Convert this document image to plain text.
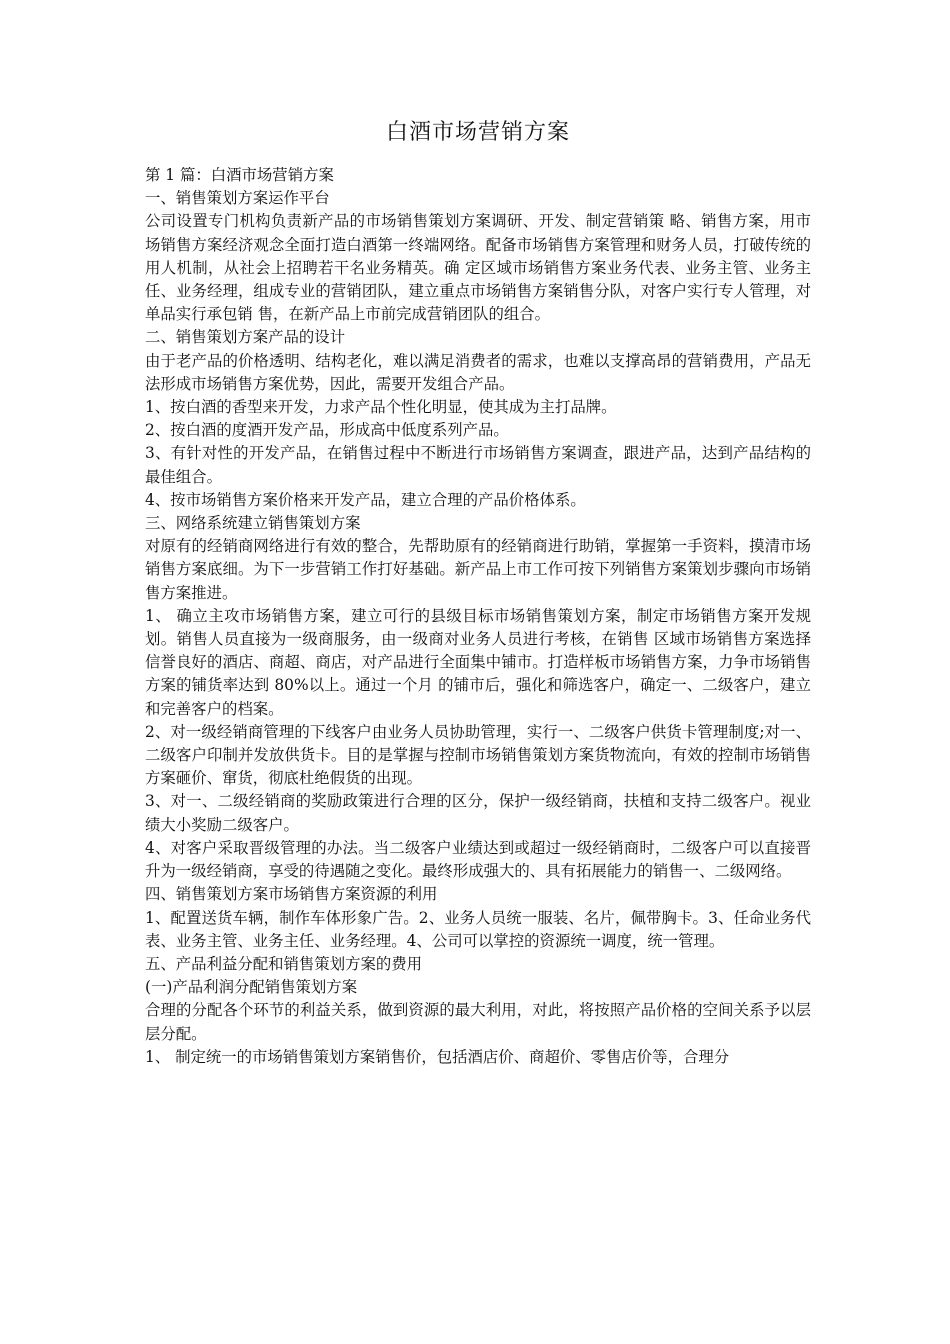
白酒市场营销方案

第 1 篇：白酒市场营销方案

一、销售策划方案运作平台

公司设置专门机构负责新产品的市场销售策划方案调研、开发、制定营销策 略、销售方案，用市场销售方案经济观念全面打造白酒第一终端网络。配备市场销售方案管理和财务人员，打破传统的用人机制，从社会上招聘若干名业务精英。确 定区域市场销售方案业务代表、业务主管、业务主任、业务经理，组成专业的营销团队，建立重点市场销售方案销售分队，对客户实行专人管理，对单品实行承包销 售，在新产品上市前完成营销团队的组合。

二、销售策划方案产品的设计

由于老产品的价格透明、结构老化，难以满足消费者的需求，也难以支撑高昂的营销费用，产品无法形成市场销售方案优势，因此，需要开发组合产品。

1、按白酒的香型来开发，力求产品个性化明显，使其成为主打品牌。

2、按白酒的度酒开发产品，形成高中低度系列产品。

3、有针对性的开发产品，在销售过程中不断进行市场销售方案调查，跟进产品，达到产品结构的最佳组合。

4、按市场销售方案价格来开发产品，建立合理的产品价格体系。

三、网络系统建立销售策划方案

对原有的经销商网络进行有效的整合，先帮助原有的经销商进行助销，掌握第一手资料，摸清市场销售方案底细。为下一步营销工作打好基础。新产品上市工作可按下列销售方案策划步骤向市场销售方案推进。

1、 确立主攻市场销售方案，建立可行的县级目标市场销售策划方案，制定市场销售方案开发规划。销售人员直接为一级商服务，由一级商对业务人员进行考核，在销售 区域市场销售方案选择信誉良好的酒店、商超、商店，对产品进行全面集中铺市。打造样板市场销售方案，力争市场销售方案的铺货率达到 80%以上。通过一个月 的铺市后，强化和筛选客户，确定一、二级客户，建立和完善客户的档案。

2、对一级经销商管理的下线客户由业务人员协助管理，实行一、二级客户供货卡管理制度;对一、二级客户印制并发放供货卡。目的是掌握与控制市场销售策划方案货物流向，有效的控制市场销售方案砸价、窜货，彻底杜绝假货的出现。

3、对一、二级经销商的奖励政策进行合理的区分，保护一级经销商，扶植和支持二级客户。视业绩大小奖励二级客户。

4、对客户采取晋级管理的办法。当二级客户业绩达到或超过一级经销商时，二级客户可以直接晋升为一级经销商，享受的待遇随之变化。最终形成强大的、具有拓展能力的销售一、二级网络。

四、销售策划方案市场销售方案资源的利用

1、配置送货车辆，制作车体形象广告。2、业务人员统一服装、名片，佩带胸卡。3、任命业务代表、业务主管、业务主任、业务经理。4、公司可以掌控的资源统一调度，统一管理。

五、产品利益分配和销售策划方案的费用

(一)产品利润分配销售策划方案

合理的分配各个环节的利益关系，做到资源的最大利用，对此，将按照产品价格的空间关系予以层层分配。

1、 制定统一的市场销售策划方案销售价，包括酒店价、商超价、零售店价等，合理分
